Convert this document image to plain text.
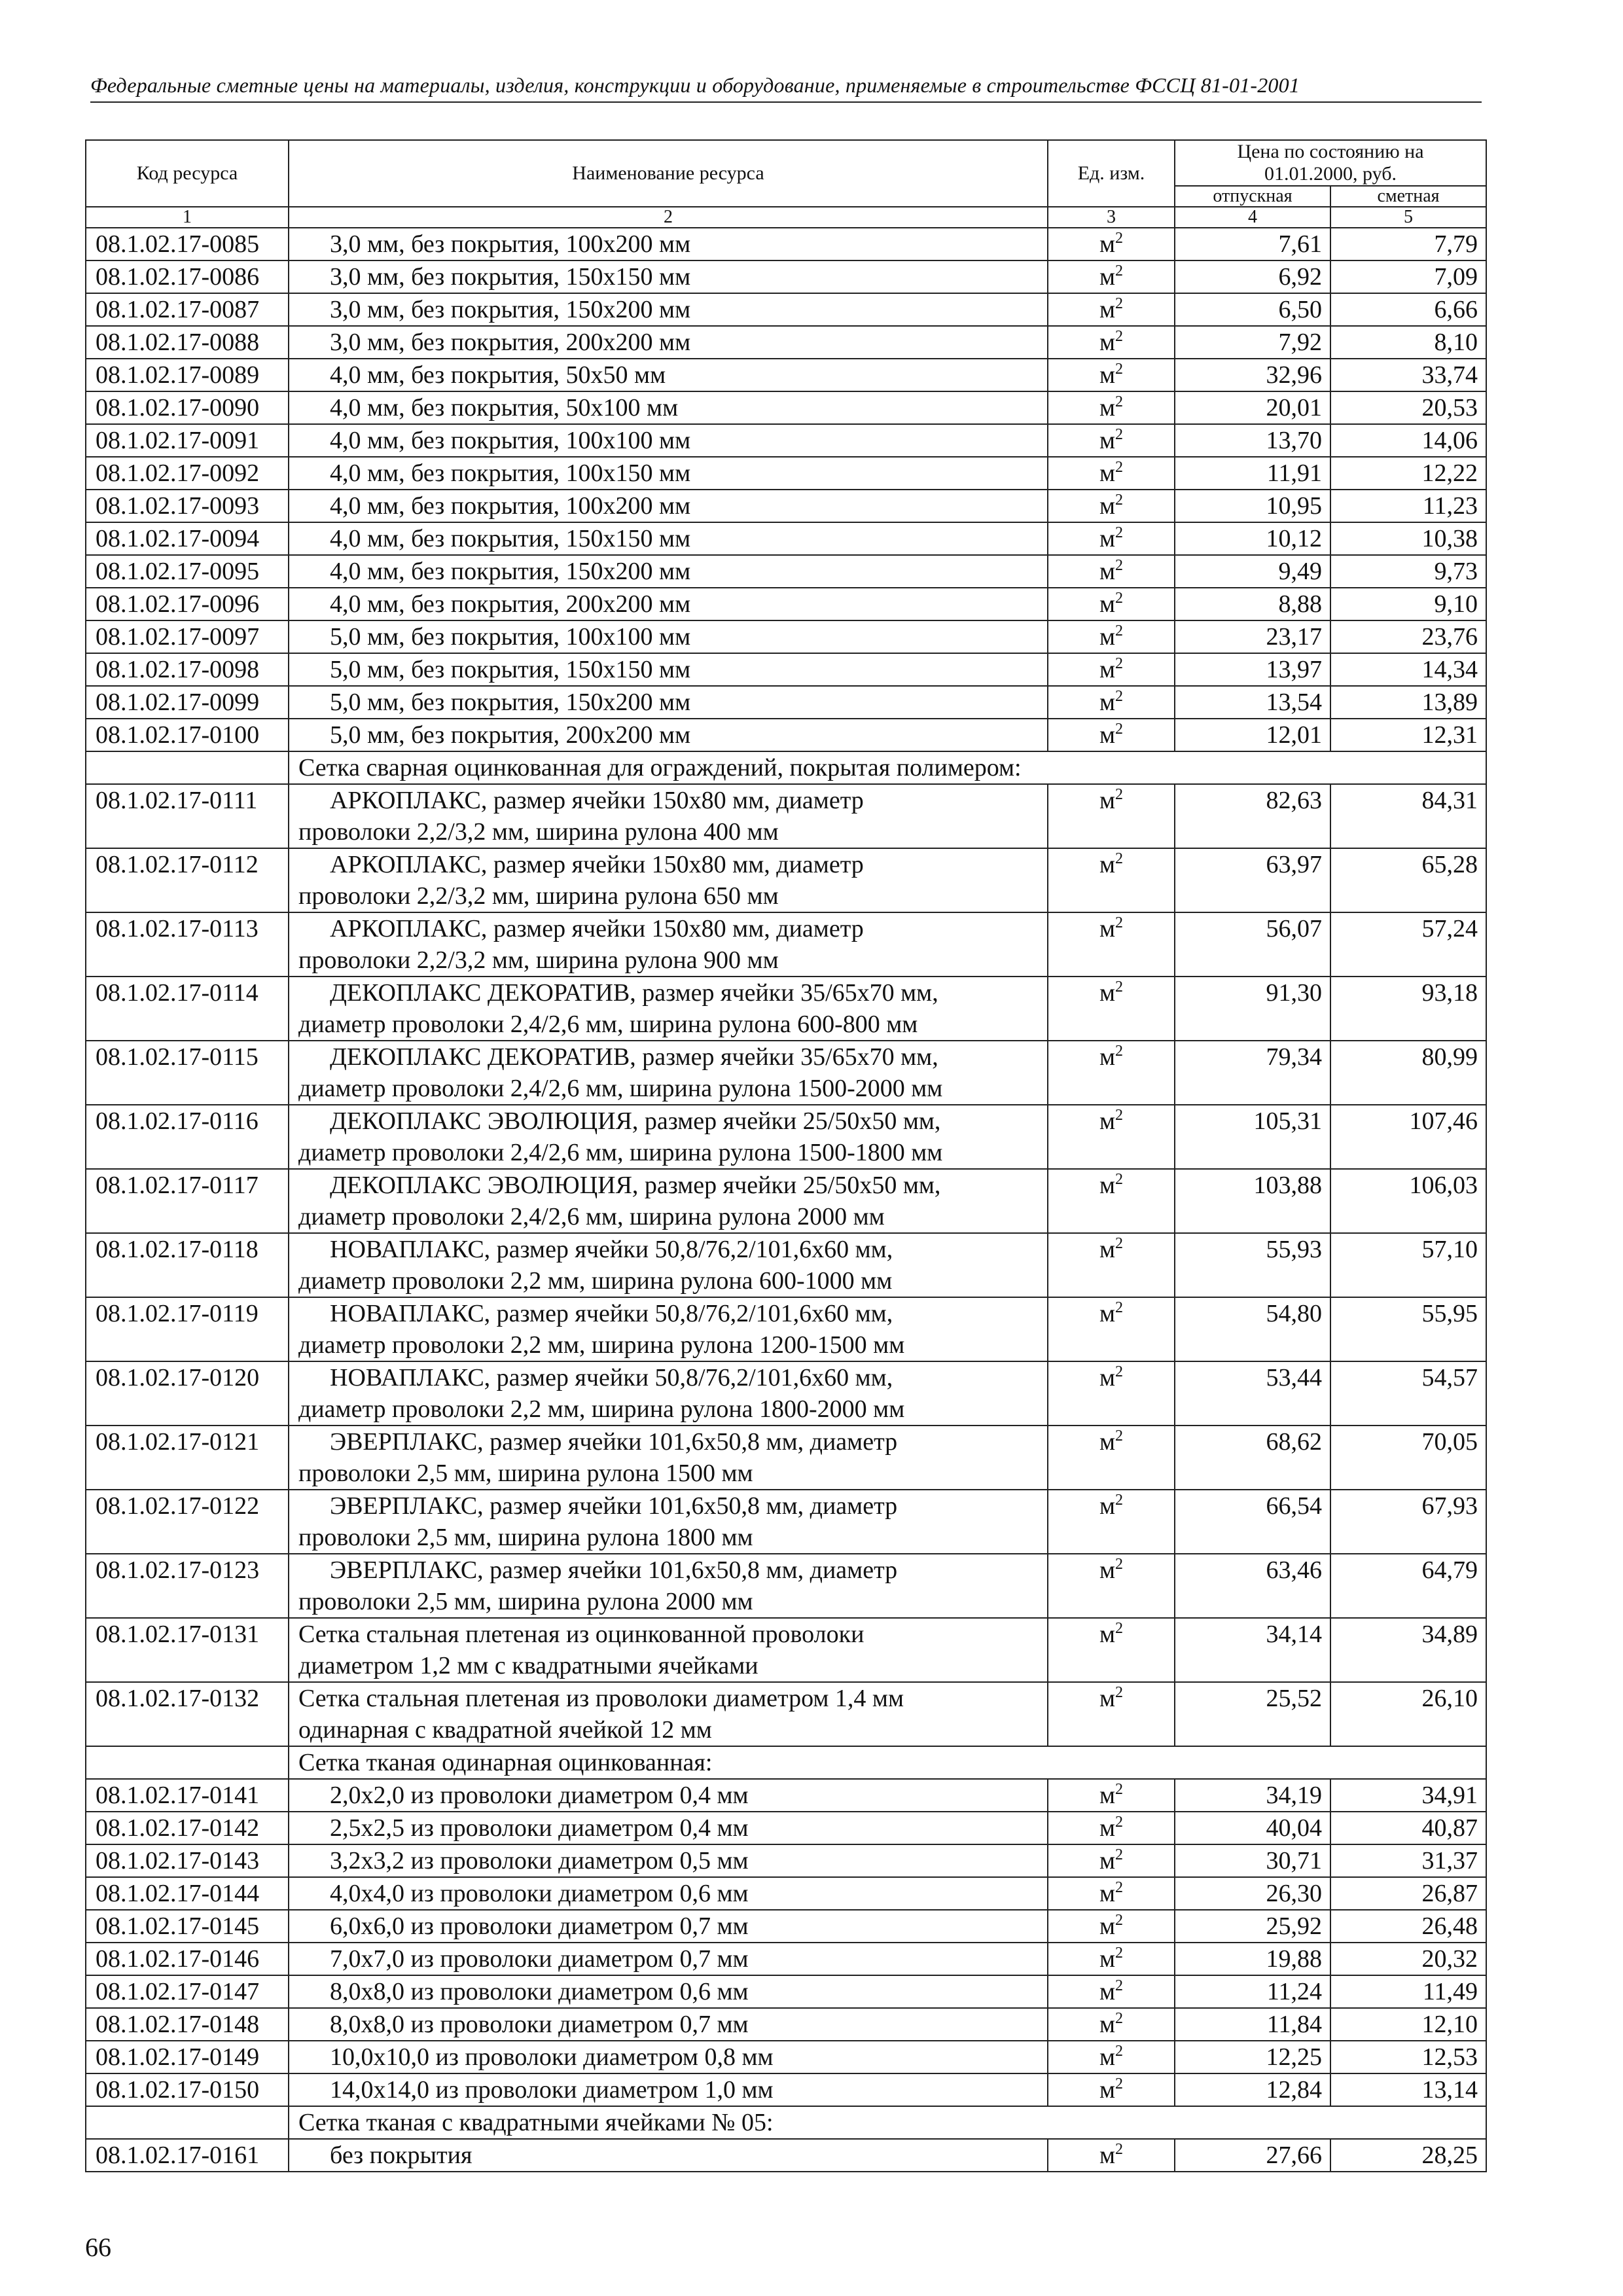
Федеральные сметные цены на материалы, изделия, конструкции и оборудование, применяемые в строительстве ФССЦ 81-01-2001
Код ресурса	Наименование ресурса	Ед. изм.	Цена по состоянию на 01.01.2000, руб.	

			отпускная	сметная
1	2	3	4	5
08.1.02.17-0085	3,0 мм, без покрытия, 100x200 мм	$м^2$	7,61	7,79
08.1.02.17-0086	3,0 мм, без покрытия, 150x150 мм	$м^2$	6,92	7,09
08.1.02.17-0087	3,0 мм, без покрытия, 150x200 мм	$м^2$	6,50	6,66
08.1.02.17-0088	3,0 мм, без покрытия, 200x200 мм	$м^2$	7,92	8,10
08.1.02.17-0089	4,0 мм, без покрытия, 50x50 мм	$м^2$	32,96	33,74
08.1.02.17-0090	4,0 мм, без покрытия, 50x100 мм	$м^2$	20,01	20,53
08.1.02.17-0091	4,0 мм, без покрытия, 100x100 мм	$м^2$	13,70	14,06
08.1.02.17-0092	4,0 мм, без покрытия, 100x150 мм	$м^2$	11,91	12,22
08.1.02.17-0093	4,0 мм, без покрытия, 100x200 мм	$м^2$	10,95	11,23
08.1.02.17-0094	4,0 мм, без покрытия, 150x150 мм	$м^2$	10,12	10,38
08.1.02.17-0095	4,0 мм, без покрытия, 150x200 мм	$м^2$	9,49	9,73
08.1.02.17-0096	4,0 мм, без покрытия, 200x200 мм	$м^2$	8,88	9,10
08.1.02.17-0097	5,0 мм, без покрытия, 100x100 мм	$м^2$	23,17	23,76
08.1.02.17-0098	5,0 мм, без покрытия, 150x150 мм	$м^2$	13,97	14,34
08.1.02.17-0099	5,0 мм, без покрытия, 150x200 мм	$м^2$	13,54	13,89
08.1.02.17-0100	5,0 мм, без покрытия, 200x200 мм	$м^2$	12,01	12,31
	Сетка сварная оцинкованная для ограждений, покрытая полимером:			
08.1.02.17-0111	АРКОПЛАКС, размер ячейки 150x80 мм, диаметр
проволоки 2,2/3,2 мм, ширина рулона 400 мм	$м^2$	82,63	84,31
08.1.02.17-0112	АРКОПЛАКС, размер ячейки 150x80 мм, диаметр
проволоки 2,2/3,2 мм, ширина рулона 650 мм	$м^2$	63,97	65,28
08.1.02.17-0113	АРКОПЛАКС, размер ячейки 150x80 мм, диаметр
проволоки 2,2/3,2 мм, ширина рулона 900 мм	$м^2$	56,07	57,24
08.1.02.17-0114	ДЕКОПЛАКС ДЕКОРАТИВ, размер ячейки 35/65x70 мм,
диаметр проволоки 2,4/2,6 мм, ширина рулона 600-800 мм	$м^2$	91,30	93,18
08.1.02.17-0115	ДЕКОПЛАКС ДЕКОРАТИВ, размер ячейки 35/65x70 мм,
диаметр проволоки 2,4/2,6 мм, ширина рулона 1500-2000 мм	$м^2$	79,34	80,99
08.1.02.17-0116	ДЕКОПЛАКС ЭВОЛЮЦИЯ, размер ячейки 25/50x50 мм,
диаметр проволоки 2,4/2,6 мм, ширина рулона 1500-1800 мм	$м^2$	105,31	107,46
08.1.02.17-0117	ДЕКОПЛАКС ЭВОЛЮЦИЯ, размер ячейки 25/50x50 мм,
диаметр проволоки 2,4/2,6 мм, ширина рулона 2000 мм	$м^2$	103,88	106,03
08.1.02.17-0118	НОВАПЛАКС, размер ячейки 50,8/76,2/101,6x60 мм,
диаметр проволоки 2,2 мм, ширина рулона 600-1000 мм	$м^2$	55,93	57,10
08.1.02.17-0119	НОВАПЛАКС, размер ячейки 50,8/76,2/101,6x60 мм,
диаметр проволоки 2,2 мм, ширина рулона 1200-1500 мм	$м^2$	54,80	55,95
08.1.02.17-0120	НОВАПЛАКС, размер ячейки 50,8/76,2/101,6x60 мм,
диаметр проволоки 2,2 мм, ширина рулона 1800-2000 мм	$м^2$	53,44	54,57
08.1.02.17-0121	ЭВЕРПЛАКС, размер ячейки 101,6x50,8 мм, диаметр
проволоки 2,5 мм, ширина рулона 1500 мм	$м^2$	68,62	70,05
08.1.02.17-0122	ЭВЕРПЛАКС, размер ячейки 101,6x50,8 мм, диаметр
проволоки 2,5 мм, ширина рулона 1800 мм	$м^2$	66,54	67,93
08.1.02.17-0123	ЭВЕРПЛАКС, размер ячейки 101,6x50,8 мм, диаметр
проволоки 2,5 мм, ширина рулона 2000 мм	$м^2$	63,46	64,79
08.1.02.17-0131	Сетка стальная плетеная из оцинкованной проволоки
диаметром 1,2 мм с квадратными ячейками	$м^2$	34,14	34,89
08.1.02.17-0132	Сетка стальная плетеная из проволоки диаметром 1,4 мм
одинарная с квадратной ячейкой 12 мм	$м^2$	25,52	26,10
	Сетка тканая одинарная оцинкованная:			
08.1.02.17-0141	2,0x2,0 из проволоки диаметром 0,4 мм	$м^2$	34,19	34,91
08.1.02.17-0142	2,5x2,5 из проволоки диаметром 0,4 мм	$м^2$	40,04	40,87
08.1.02.17-0143	3,2x3,2 из проволоки диаметром 0,5 мм	$м^2$	30,71	31,37
08.1.02.17-0144	4,0x4,0 из проволоки диаметром 0,6 мм	$м^2$	26,30	26,87
08.1.02.17-0145	6,0x6,0 из проволоки диаметром 0,7 мм	$м^2$	25,92	26,48
08.1.02.17-0146	7,0x7,0 из проволоки диаметром 0,7 мм	$м^2$	19,88	20,32
08.1.02.17-0147	8,0x8,0 из проволоки диаметром 0,6 мм	$м^2$	11,24	11,49
08.1.02.17-0148	8,0x8,0 из проволоки диаметром 0,7 мм	$м^2$	11,84	12,10
08.1.02.17-0149	10,0x10,0 из проволоки диаметром 0,8 мм	$м^2$	12,25	12,53
08.1.02.17-0150	14,0x14,0 из проволоки диаметром 1,0 мм	$м^2$	12,84	13,14
	Сетка тканая с квадратными ячейками № 05:			
08.1.02.17-0161	без покрытия	$м^2$	27,66	28,25
66
